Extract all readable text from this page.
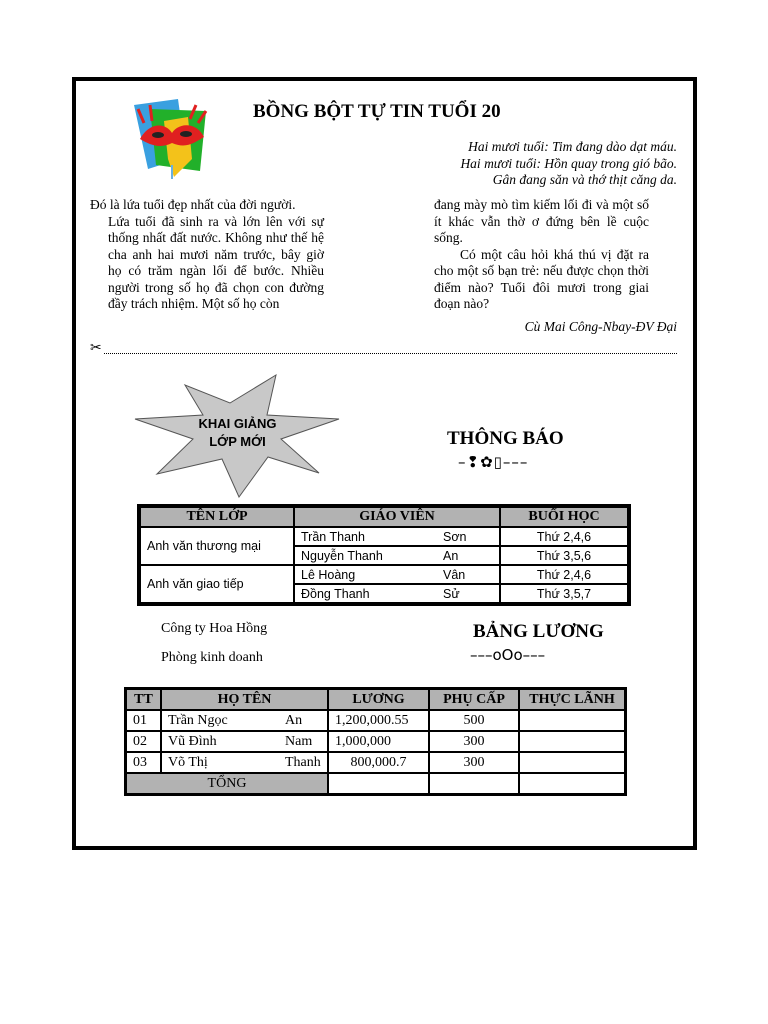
BỒNG BỘT TỰ TIN TUỔI 20
Hai mươi tuổi: Tim đang dào dạt máu.
Hai mươi tuổi: Hồn quay trong gió bão.
Gân đang săn và thớ thịt căng da.

Đó là lứa tuổi đẹp nhất của đời người.

Lứa tuổi đã sinh ra và lớn lên với sự thống nhất đất nước. Không như thế hệ cha anh hai mươi năm trước, bây giờ họ có trăm ngàn lối để bước. Nhiều người trong số họ đã chọn con đường đầy trách nhiệm. Một số họ còn

đang mày mò tìm kiếm lối đi và một số ít khác vẫn thờ ơ đứng bên lề cuộc sống.

Có một câu hỏi khá thú vị đặt ra cho một số bạn trẻ: nếu được chọn thời điểm nào? Tuổi đôi mươi trong giai đoạn nào?

Cù Mai Công-Nbay-ĐV Đại
✂
KHAI GIẢNG
LỚP MỚI	THÔNG BÁO
–❢✿▯–––
TÊN LỚP	GIÁO VIÊN		BUỔI HỌC
Anh văn thương mại	Trần Thanh	Sơn	Thứ 2,4,6
	Nguyễn Thanh	An	Thứ 3,5,6
Anh văn giao tiếp	Lê Hoàng	Vân	Thứ 2,4,6
	Đồng Thanh	Sử	Thứ 3,5,7
Công ty Hoa Hồng
Phòng kinh doanh
BẢNG LƯƠNG
–––oOo–––
TT	HỌ TÊN		LƯƠNG	PHỤ CẤP	THỰC LÃNH
01	Trần Ngọc	An	1,200,000.55	500	
02	Vũ Đình	Nam	1,000,000	300	
03	Võ Thị	Thanh	800,000.7	300	
TỔNG					
